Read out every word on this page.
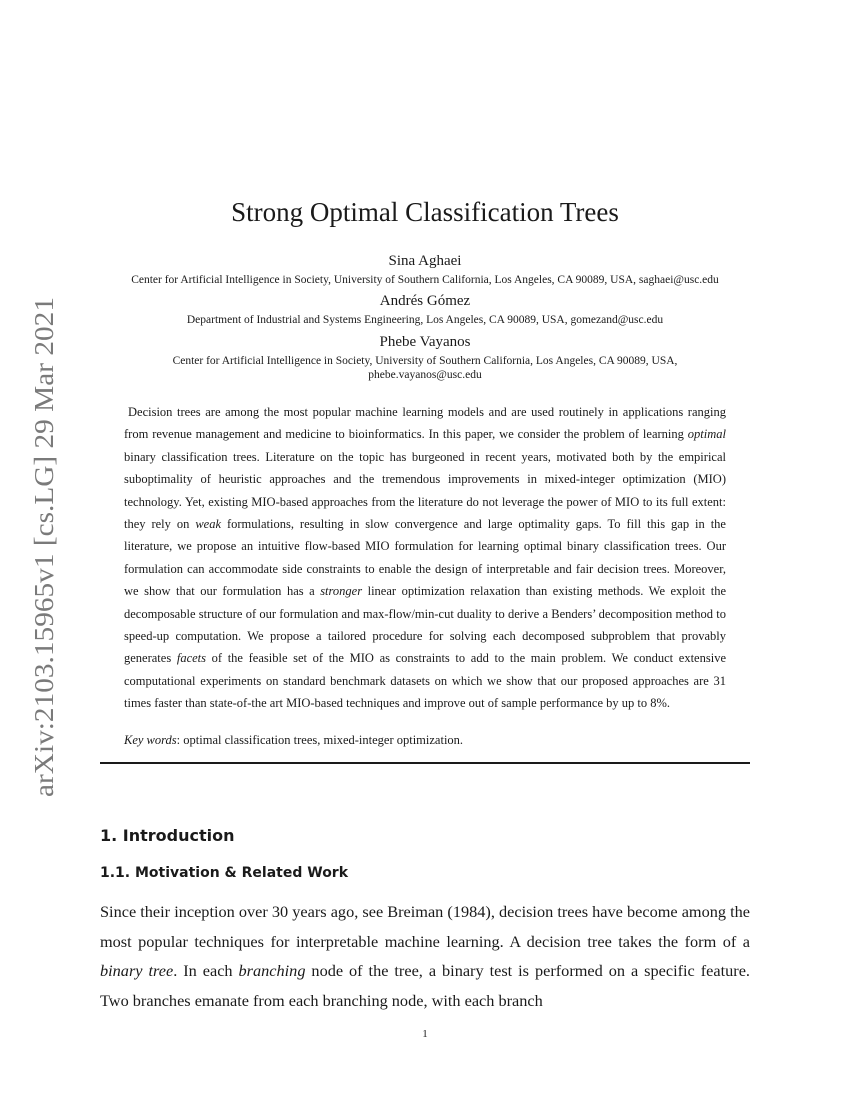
arXiv:2103.15965v1 [cs.LG] 29 Mar 2021
Strong Optimal Classification Trees
Sina Aghaei
Center for Artificial Intelligence in Society, University of Southern California, Los Angeles, CA 90089, USA, saghaei@usc.edu
Andrés Gómez
Department of Industrial and Systems Engineering, Los Angeles, CA 90089, USA, gomezand@usc.edu
Phebe Vayanos
Center for Artificial Intelligence in Society, University of Southern California, Los Angeles, CA 90089, USA,
phebe.vayanos@usc.edu

Decision trees are among the most popular machine learning models and are used routinely in applications ranging from revenue management and medicine to bioinformatics. In this paper, we consider the problem of learning optimal binary classification trees. Literature on the topic has burgeoned in recent years, motivated both by the empirical suboptimality of heuristic approaches and the tremendous improvements in mixed-integer optimization (MIO) technology. Yet, existing MIO-based approaches from the literature do not leverage the power of MIO to its full extent: they rely on weak formulations, resulting in slow convergence and large optimality gaps. To fill this gap in the literature, we propose an intuitive flow-based MIO formulation for learning optimal binary classification trees. Our formulation can accommodate side constraints to enable the design of interpretable and fair decision trees. Moreover, we show that our formulation has a stronger linear optimization relaxation than existing methods. We exploit the decomposable structure of our formulation and max-flow/min-cut duality to derive a Benders’ decomposition method to speed-up computation. We propose a tailored procedure for solving each decomposed subproblem that provably generates facets of the feasible set of the MIO as constraints to add to the main problem. We conduct extensive computational experiments on standard benchmark datasets on which we show that our proposed approaches are 31 times faster than state-of-the art MIO-based techniques and improve out of sample performance by up to 8%.

Key words: optimal classification trees, mixed-integer optimization.
1. Introduction
1.1. Motivation & Related Work

Since their inception over 30 years ago, see Breiman (1984), decision trees have become among the most popular techniques for interpretable machine learning. A decision tree takes the form of a binary tree. In each branching node of the tree, a binary test is performed on a specific feature. Two branches emanate from each branching node, with each branch

1
